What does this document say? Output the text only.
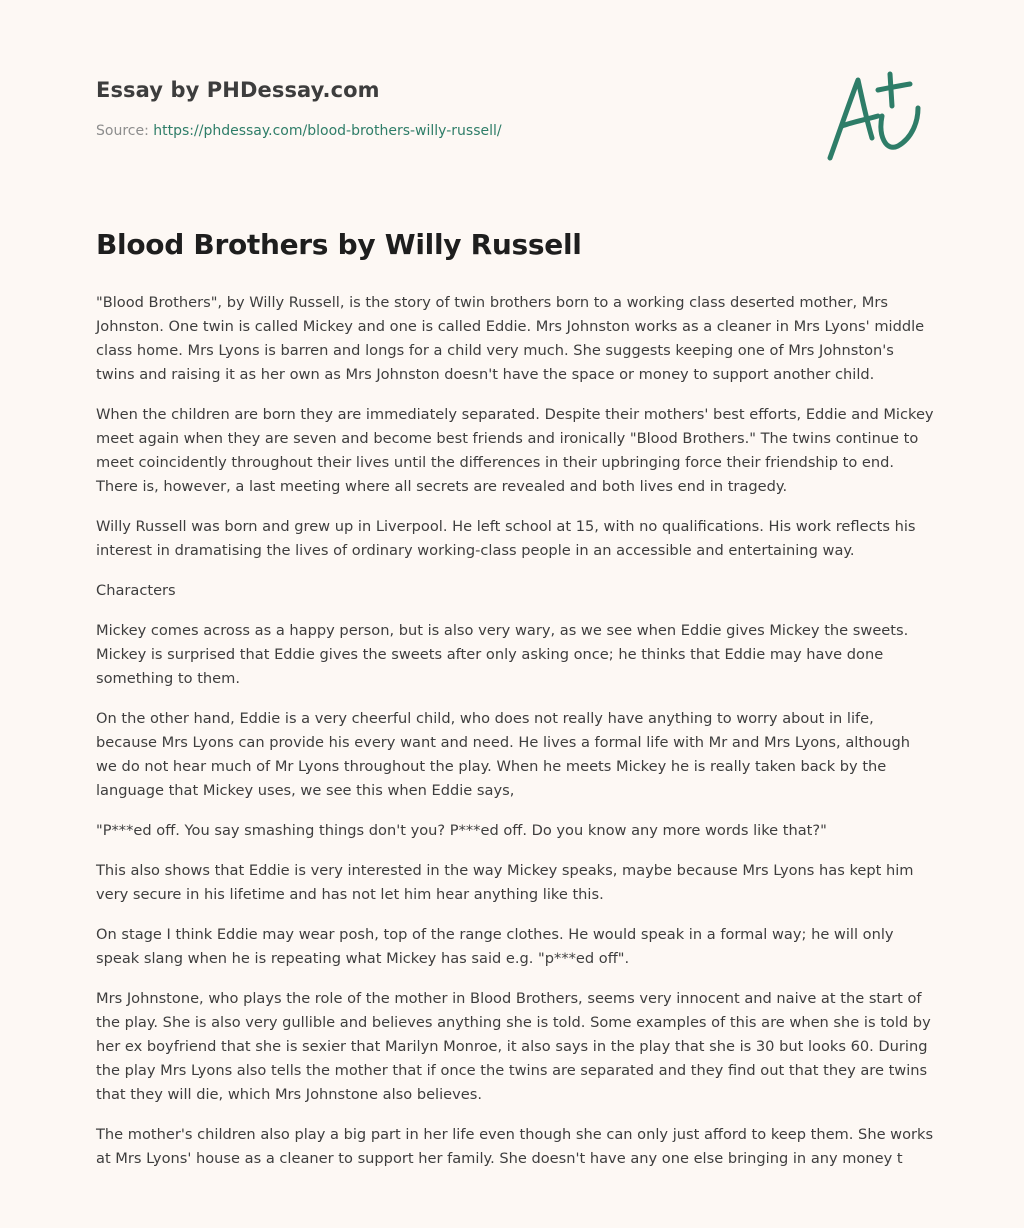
Essay by PHDessay.com
Source: https://phdessay.com/blood-brothers-willy-russell/
Blood Brothers by Willy Russell

"Blood Brothers", by Willy Russell, is the story of twin brothers born to a working class deserted mother, Mrs Johnston. One twin is called Mickey and one is called Eddie. Mrs Johnston works as a cleaner in Mrs Lyons' middle class home. Mrs Lyons is barren and longs for a child very much. She suggests keeping one of Mrs Johnston's twins and raising it as her own as Mrs Johnston doesn't have the space or money to support another child.

When the children are born they are immediately separated. Despite their mothers' best efforts, Eddie and Mickey meet again when they are seven and become best friends and ironically "Blood Brothers." The twins continue to meet coincidently throughout their lives until the differences in their upbringing force their friendship to end. There is, however, a last meeting where all secrets are revealed and both lives end in tragedy.

Willy Russell was born and grew up in Liverpool. He left school at 15, with no qualifications. His work reflects his interest in dramatising the lives of ordinary working-class people in an accessible and entertaining way.

Characters

Mickey comes across as a happy person, but is also very wary, as we see when Eddie gives Mickey the sweets. Mickey is surprised that Eddie gives the sweets after only asking once; he thinks that Eddie may have done something to them.

On the other hand, Eddie is a very cheerful child, who does not really have anything to worry about in life, because Mrs Lyons can provide his every want and need. He lives a formal life with Mr and Mrs Lyons, although we do not hear much of Mr Lyons throughout the play. When he meets Mickey he is really taken back by the language that Mickey uses, we see this when Eddie says,

"P***ed off. You say smashing things don't you? P***ed off. Do you know any more words like that?"

This also shows that Eddie is very interested in the way Mickey speaks, maybe because Mrs Lyons has kept him very secure in his lifetime and has not let him hear anything like this.

On stage I think Eddie may wear posh, top of the range clothes. He would speak in a formal way; he will only speak slang when he is repeating what Mickey has said e.g. "p***ed off".

Mrs Johnstone, who plays the role of the mother in Blood Brothers, seems very innocent and naive at the start of the play. She is also very gullible and believes anything she is told. Some examples of this are when she is told by her ex boyfriend that she is sexier that Marilyn Monroe, it also says in the play that she is 30 but looks 60. During the play Mrs Lyons also tells the mother that if once the twins are separated and they find out that they are twins that they will die, which Mrs Johnstone also believes.

The mother's children also play a big part in her life even though she can only just afford to keep them. She works at Mrs Lyons' house as a cleaner to support her family. She doesn't have any one else bringing in any money t
